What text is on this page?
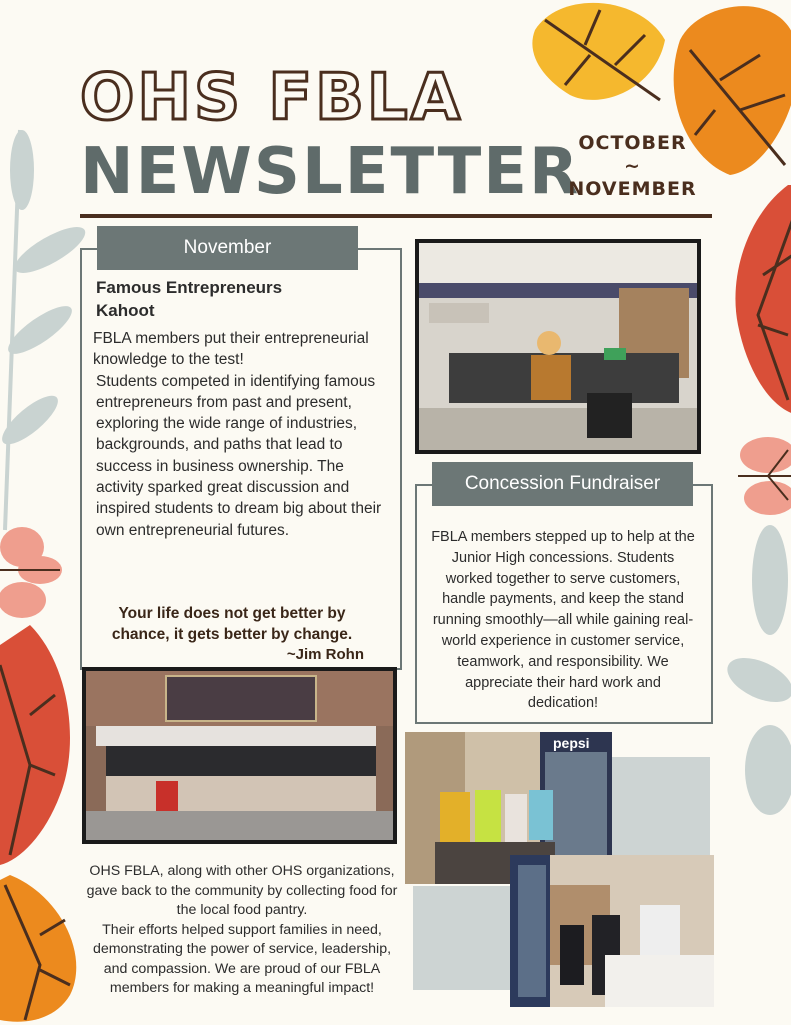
OHS FBLA
NEWSLETTER
OCTOBER
~
NOVEMBER
November
Famous Entrepreneurs Kahoot
FBLA members put their entrepreneurial knowledge to the test!
Students competed in identifying famous entrepreneurs from past and present, exploring the wide range of industries, backgrounds, and paths that lead to success in business ownership. The activity sparked great discussion and inspired students to dream big about their own entrepreneurial futures.
Your life does not get better by chance, it gets better by change.
~Jim Rohn
Concession Fundraiser
FBLA members stepped up to help at the Junior High concessions. Students worked together to serve customers, handle payments, and keep the stand running smoothly—all while gaining real-world experience in customer service, teamwork, and responsibility. We appreciate their hard work and dedication!
OHS FBLA, along with other OHS organizations, gave back to the community by collecting food for the local food pantry.
Their efforts helped support families in need, demonstrating the power of service, leadership, and compassion. We are proud of our FBLA members for making a meaningful impact!
pepsi
